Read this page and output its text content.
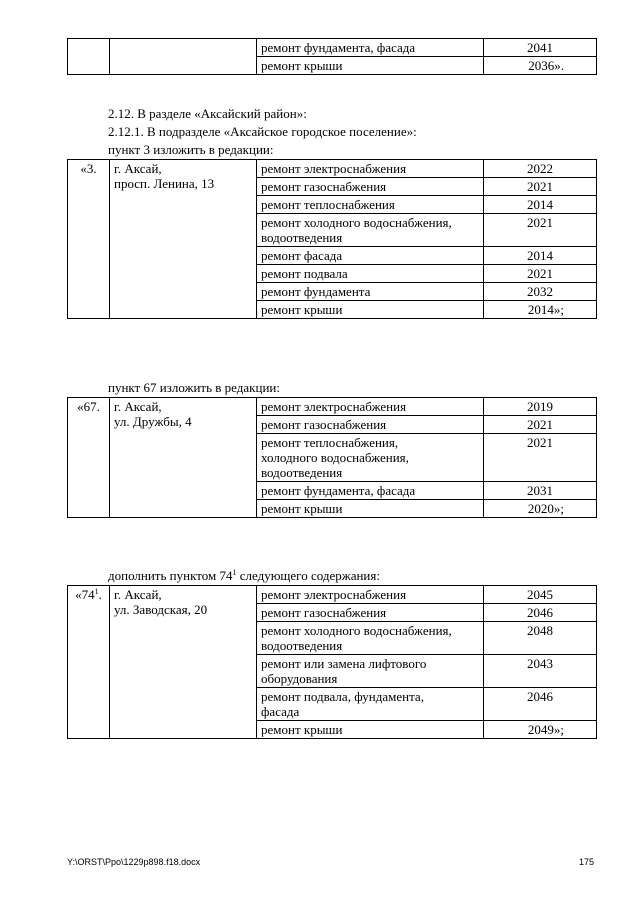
		ремонт фундамента, фасада	2041
		ремонт крыши	2036».
2.12. В разделе «Аксайский район»:
2.12.1. В подразделе «Аксайское городское поселение»:
пункт 3 изложить в редакции:
«3.	г. Аксай,
просп. Ленина, 13	ремонт электроснабжения	2022
		ремонт газоснабжения	2021
		ремонт теплоснабжения	2014

		ремонт холодного водоснабжения,
водоотведения	2021
		ремонт фасада	2014
		ремонт подвала	2021
		ремонт фундамента	2032
		ремонт крыши	2014»;
пункт 67 изложить в редакции:
«67.	г. Аксай,
ул. Дружбы, 4	ремонт электроснабжения	2019
		ремонт газоснабжения	2021

		ремонт теплоснабжения,
холодного водоснабжения,
водоотведения	2021
		ремонт фундамента, фасада	2031
		ремонт крыши	2020»;
дополнить пунктом $74^1$ следующего содержания:
«$74^1$.	г. Аксай,
ул. Заводская, 20	ремонт электроснабжения	2045
		ремонт газоснабжения	2046

		ремонт холодного водоснабжения,
водоотведения	2048

		ремонт или замена лифтового
оборудования	2043

		ремонт подвала, фундамента,
фасада	2046
		ремонт крыши	2049»;
Y:\ORST\Ppo\1229p898.f18.docx	175
